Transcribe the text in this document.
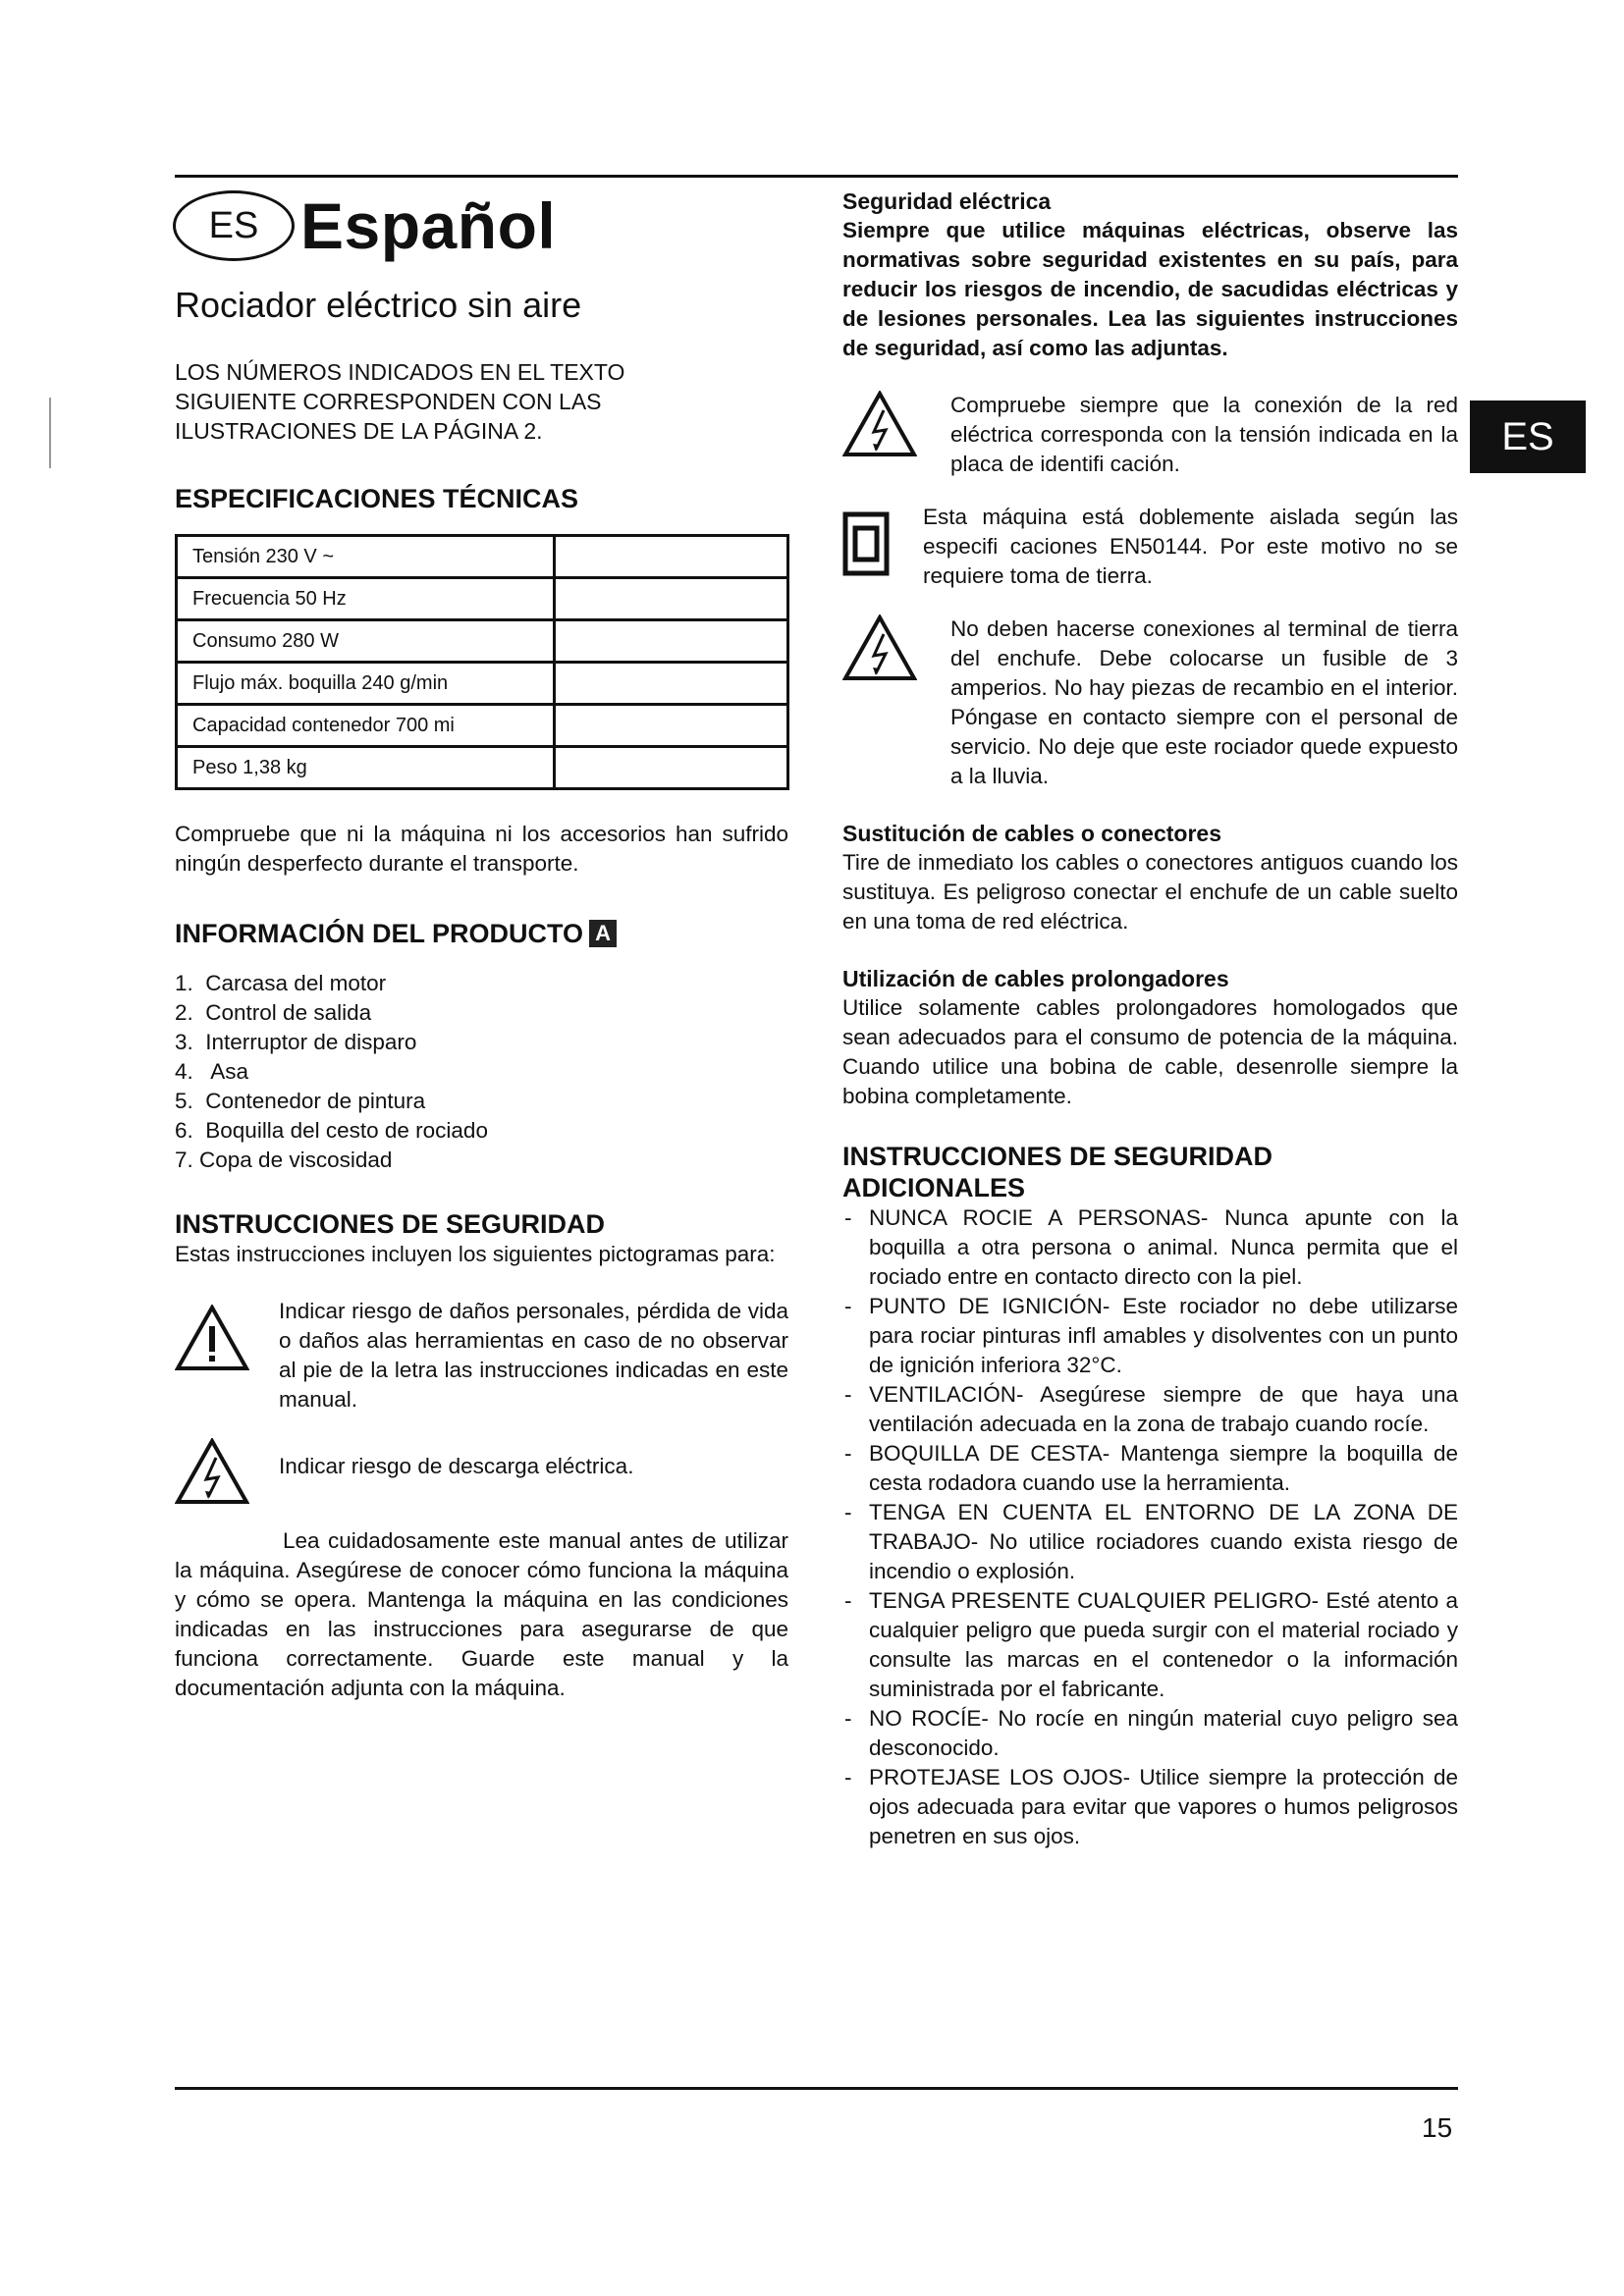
ES
15
ES Español
Rociador eléctrico sin aire

LOS NÚMEROS INDICADOS EN EL TEXTO SIGUIENTE CORRESPONDEN CON LAS ILUSTRACIONES DE LA PÁGINA 2.

ESPECIFICACIONES TÉCNICAS
Tensión 230 V ~	
Frecuencia 50 Hz	
Consumo 280 W	
Flujo máx. boquilla 240 g/min	
Capacidad contenedor 700 mi	
Peso 1,38 kg	

Compruebe que ni la máquina ni los accesorios han sufrido ningún desperfecto durante el transporte.

INFORMACIÓN DEL PRODUCTO A
1.  Carcasa del motor
2.  Control de salida
3.  Interruptor de disparo
4.   Asa
5.  Contenedor de pintura
6.  Boquilla del cesto de rociado
7. Copa de viscosidad
INSTRUCCIONES DE SEGURIDAD

Estas instrucciones incluyen los siguientes pictogramas para:

Indicar riesgo de daños personales, pérdida de vida o daños alas herramientas en caso de no observar al pie de la letra las instrucciones indicadas en este manual.

Indicar riesgo de descarga eléctrica.

Lea cuidadosamente este manual antes de utilizar la máquina. Asegúrese de conocer cómo funciona la máquina y cómo se opera. Mantenga la máquina en las condiciones indicadas en las instrucciones para asegurarse de que funciona correctamente. Guarde este manual y la documentación adjunta con la máquina.

Seguridad eléctrica

Siempre que utilice máquinas eléctricas, observe las normativas sobre seguridad existentes en su país, para reducir los riesgos de incendio, de sacudidas eléctricas y de lesiones personales. Lea las siguientes instrucciones de seguridad, así como las adjuntas.

Compruebe siempre que la conexión de la red eléctrica corresponda con la tensión indicada en la placa de identifi cación.

Esta máquina está doblemente aislada según las especifi caciones EN50144. Por este motivo no se requiere toma de tierra.

No deben hacerse conexiones al terminal de tierra del enchufe. Debe colocarse un fusible de 3 amperios. No hay piezas de recambio en el interior. Póngase en contacto siempre con el personal de servicio. No deje que este rociador quede expuesto a la lluvia.

Sustitución de cables o conectores

Tire de inmediato los cables o conectores antiguos cuando los sustituya. Es peligroso conectar el enchufe de un cable suelto en una toma de red eléctrica.

Utilización de cables prolongadores

Utilice solamente cables prolongadores homologados que sean adecuados para el consumo de potencia de la máquina. Cuando utilice una bobina de cable, desenrolle siempre la bobina completamente.

INSTRUCCIONES DE SEGURIDAD ADICIONALES
- NUNCA ROCIE A PERSONAS- Nunca apunte con la boquilla a otra persona o animal. Nunca permita que el rociado entre en contacto directo con la piel.
- PUNTO DE IGNICIÓN- Este rociador no debe utilizarse para rociar pinturas infl amables y disolventes con un punto de ignición inferiora 32°C.
- VENTILACIÓN- Asegúrese siempre de que haya una ventilación adecuada en la zona de trabajo cuando rocíe.
- BOQUILLA DE CESTA- Mantenga siempre la boquilla de cesta rodadora cuando use la herramienta.
- TENGA EN CUENTA EL ENTORNO DE LA ZONA DE TRABAJO- No utilice rociadores cuando exista riesgo de incendio o explosión.
- TENGA PRESENTE CUALQUIER PELIGRO- Esté atento a cualquier peligro que pueda surgir con el material rociado y consulte las marcas en el contenedor o la información suministrada por el fabricante.
- NO ROCÍE- No rocíe en ningún material cuyo peligro sea desconocido.
- PROTEJASE LOS OJOS- Utilice siempre la protección de ojos adecuada para evitar que vapores o humos peligrosos penetren en sus ojos.
